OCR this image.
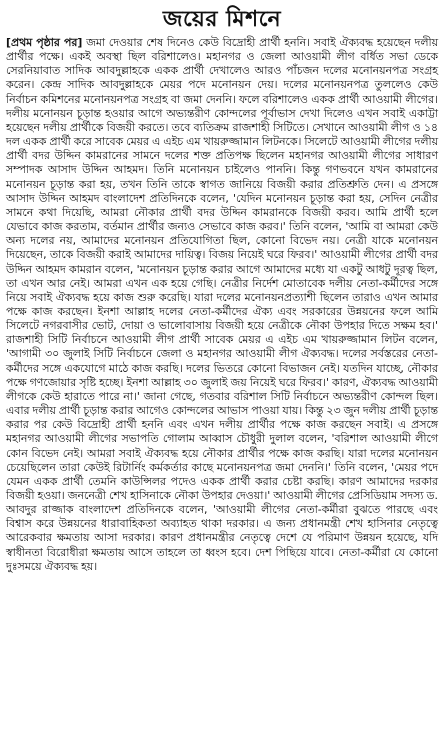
জয়ের মিশনে
[প্রথম পৃষ্ঠার পর] জমা দেওয়ার শেষ দিনেও কেউ বিদ্রোহী প্রার্থী হননি। সবাই ঐক্যবদ্ধ হয়েছেন দলীয় প্রার্থীর পক্ষে। একই অবস্থা ছিল বরিশালেও। মহানগর ও জেলা আওয়ামী লীগ বর্ধিত সভা ডেকে সেরনিয়াবাত সাদিক আবদুল্লাহকে একক প্রার্থী দেখালেও আরও পাঁচজন দলের মনোনয়নপত্র সংগ্রহ করেন। কেন্দ্র সাদিক আবদুল্লাহকে মেয়র পদে মনোনয়ন দেয়। দলের মনোনয়নপত্র তুললেও কেউ নির্বাচন কমিশনের মনোনয়নপত্র সংগ্রহ বা জমা দেননি। ফলে বরিশালেও একক প্রার্থী আওয়ামী লীগের। দলীয় মনোনয়ন চূড়ান্ত হওয়ার আগে অভ্যন্তরীণ কোন্দলের পূর্বাভাস দেখা দিলেও এখন সবাই একাট্টা হয়েছেন দলীয় প্রার্থীকে বিজয়ী করতে। তবে ব্যতিক্রম রাজশাহী সিটিতে। সেখানে আওয়ামী লীগ ও ১৪ দল একক প্রার্থী করে সাবেক মেয়র এ এইচ এম খায়রুজ্জামান লিটনকে। সিলেটে আওয়ামী লীগের দলীয় প্রার্থী বদর উদ্দিন কামরানের সামনে দলের শক্ত প্রতিপক্ষ ছিলেন মহানগর আওয়ামী লীগের সাধারণ সম্পাদক আসাদ উদ্দিন আহমদ। তিনি মনোনয়ন চাইলেও পাননি। কিন্তু গণভবনে যখন কামরানের মনোনয়ন চূড়ান্ত করা হয়, তখন তিনি তাকে স্বাগত জানিয়ে বিজয়ী করার প্রতিশ্রুতি দেন। এ প্রসঙ্গে আসাদ উদ্দিন আহমদ বাংলাদেশ প্রতিদিনকে বলেন, 'যেদিন মনোনয়ন চূড়ান্ত করা হয়, সেদিন নেত্রীর সামনে কথা দিয়েছি, আমরা নৌকার প্রার্থী বদর উদ্দিন কামরানকে বিজয়ী করব। আমি প্রার্থী হলে যেভাবে কাজ করতাম, বর্তমান প্রার্থীর জন্যও সেভাবে কাজ করব।' তিনি বলেন, 'আমি বা আমরা কেউ অন্য দলের নয়, আমাদের মনোনয়ন প্রতিযোগিতা ছিল, কোনো বিভেদ নয়। নেত্রী যাকে মনোনয়ন দিয়েছেন, তাকে বিজয়ী করাই আমাদের দায়িত্ব। বিজয় নিয়েই ঘরে ফিরব।' আওয়ামী লীগের প্রার্থী বদর উদ্দিন আহমদ কামরান বলেন, 'মনোনয়ন চূড়ান্ত করার আগে আমাদের মধ্যে যা একটু আধটু দূরত্ব ছিল, তা এখন আর নেই। আমরা এখন এক হয়ে গেছি। নেত্রীর নির্দেশ মোতাবেক দলীয় নেতা-কর্মীদের সঙ্গে নিয়ে সবাই ঐক্যবদ্ধ হয়ে কাজ শুরু করেছি। যারা দলের মনোনয়নপ্রত্যাশী ছিলেন তারাও এখন আমার পক্ষে কাজ করছেন। ইনশা আল্লাহ দলের নেতা-কর্মীদের ঐক্য এবং সরকারের উন্নয়নের ফলে আমি সিলেটে নগরবাসীর ভোট, দোয়া ও ভালোবাসায় বিজয়ী হয়ে নেত্রীকে নৌকা উপহার দিতে সক্ষম হব।' রাজশাহী সিটি নির্বাচনে আওয়ামী লীগ প্রার্থী সাবেক মেয়র এ এইচ এম খায়রুজ্জামান লিটন বলেন, 'আগামী ৩০ জুলাই সিটি নির্বাচনে জেলা ও মহানগর আওয়ামী লীগ ঐক্যবদ্ধ। দলের সর্বস্তরের নেতা-কর্মীদের সঙ্গে একযোগে মাঠে কাজ করছি। দলের ভিতরে কোনো বিভাজন নেই। যতদিন যাচ্ছে, নৌকার পক্ষে গণজোয়ার সৃষ্টি হচ্ছে। ইনশা আল্লাহ ৩০ জুলাই জয় নিয়েই ঘরে ফিরব।' কারণ, ঐক্যবদ্ধ আওয়ামী লীগকে কেউ হারাতে পারে না।' জানা গেছে, গতবার বরিশাল সিটি নির্বাচনে অভ্যন্তরীণ কোন্দল ছিল। এবার দলীয় প্রার্থী চূড়ান্ত করার আগেও কোন্দলের আভাস পাওয়া যায়। কিন্তু ২৩ জুন দলীয় প্রার্থী চূড়ান্ত করার পর কেউ বিদ্রোহী প্রার্থী হননি এবং এখন দলীয় প্রার্থীর পক্ষে কাজ করছেন সবাই। এ প্রসঙ্গে মহানগর আওয়ামী লীগের সভাপতি গোলাম আব্বাস চৌধুরী দুলাল বলেন, 'বরিশাল আওয়ামী লীগে কোন বিভেদ নেই। আমরা সবাই ঐক্যবদ্ধ হয়ে নৌকার প্রার্থীর পক্ষে কাজ করছি। যারা দলের মনোনয়ন চেয়েছিলেন তারা কেউই রিটার্নিং কর্মকর্তার কাছে মনোনয়নপত্র জমা দেননি।' তিনি বলেন, 'মেয়র পদে যেমন একক প্রার্থী তেমনি কাউন্সিলর পদেও একক প্রার্থী করার চেষ্টা করছি। কারণ আমাদের দরকার বিজয়ী হওয়া। জননেত্রী শেখ হাসিনাকে নৌকা উপহার দেওয়া।' আওয়ামী লীগের প্রেসিডিয়াম সদস্য ড. আবদুর রাজ্জাক বাংলাদেশ প্রতিদিনকে বলেন, 'আওয়ামী লীগের নেতা-কর্মীরা বুঝতে পারছে এবং বিশ্বাস করে উন্নয়নের ধারাবাহিকতা অব্যাহত থাকা দরকার। এ জন্য প্রধানমন্ত্রী শেখ হাসিনার নেতৃত্বে আরেকবার ক্ষমতায় আসা দরকার। কারণ প্রধানমন্ত্রীর নেতৃত্বে দেশে যে পরিমাণ উন্নয়ন হয়েছে, যদি স্বাধীনতা বিরোধীরা ক্ষমতায় আসে তাহলে তা ধ্বংস হবে। দেশ পিছিয়ে যাবে। নেতা-কর্মীরা যে কোনো দুঃসময়ে ঐক্যবদ্ধ হয়।
